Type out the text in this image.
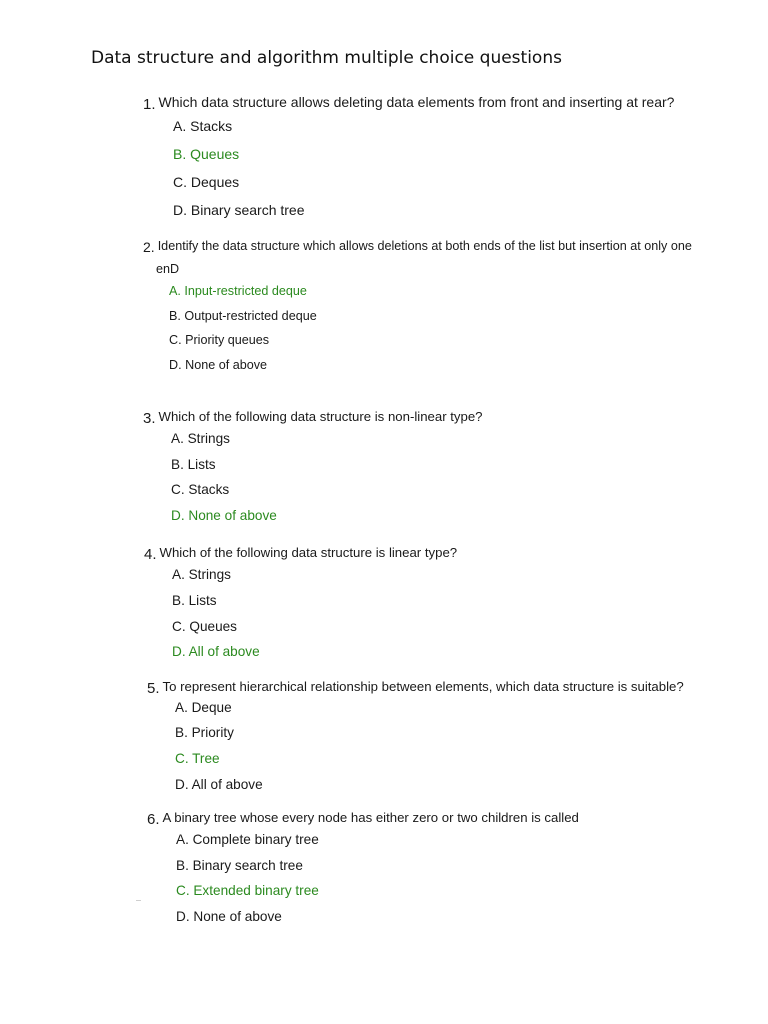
Data structure and algorithm multiple choice questions
1. Which data structure allows deleting data elements from front and inserting at rear?
A. Stacks
B. Queues
C. Deques
D. Binary search tree
2. Identify the data structure which allows deletions at both ends of the list but insertion at only one
enD
A. Input-restricted deque
B. Output-restricted deque
C. Priority queues
D. None of above
3. Which of the following data structure is non-linear type?
A. Strings
B. Lists
C. Stacks
D. None of above
4. Which of the following data structure is linear type?
A. Strings
B. Lists
C. Queues
D. All of above
5. To represent hierarchical relationship between elements, which data structure is suitable?
A. Deque
B. Priority
C. Tree
D. All of above
6. A binary tree whose every node has either zero or two children is called
A. Complete binary tree
B. Binary search tree
C. Extended binary tree
D. None of above
